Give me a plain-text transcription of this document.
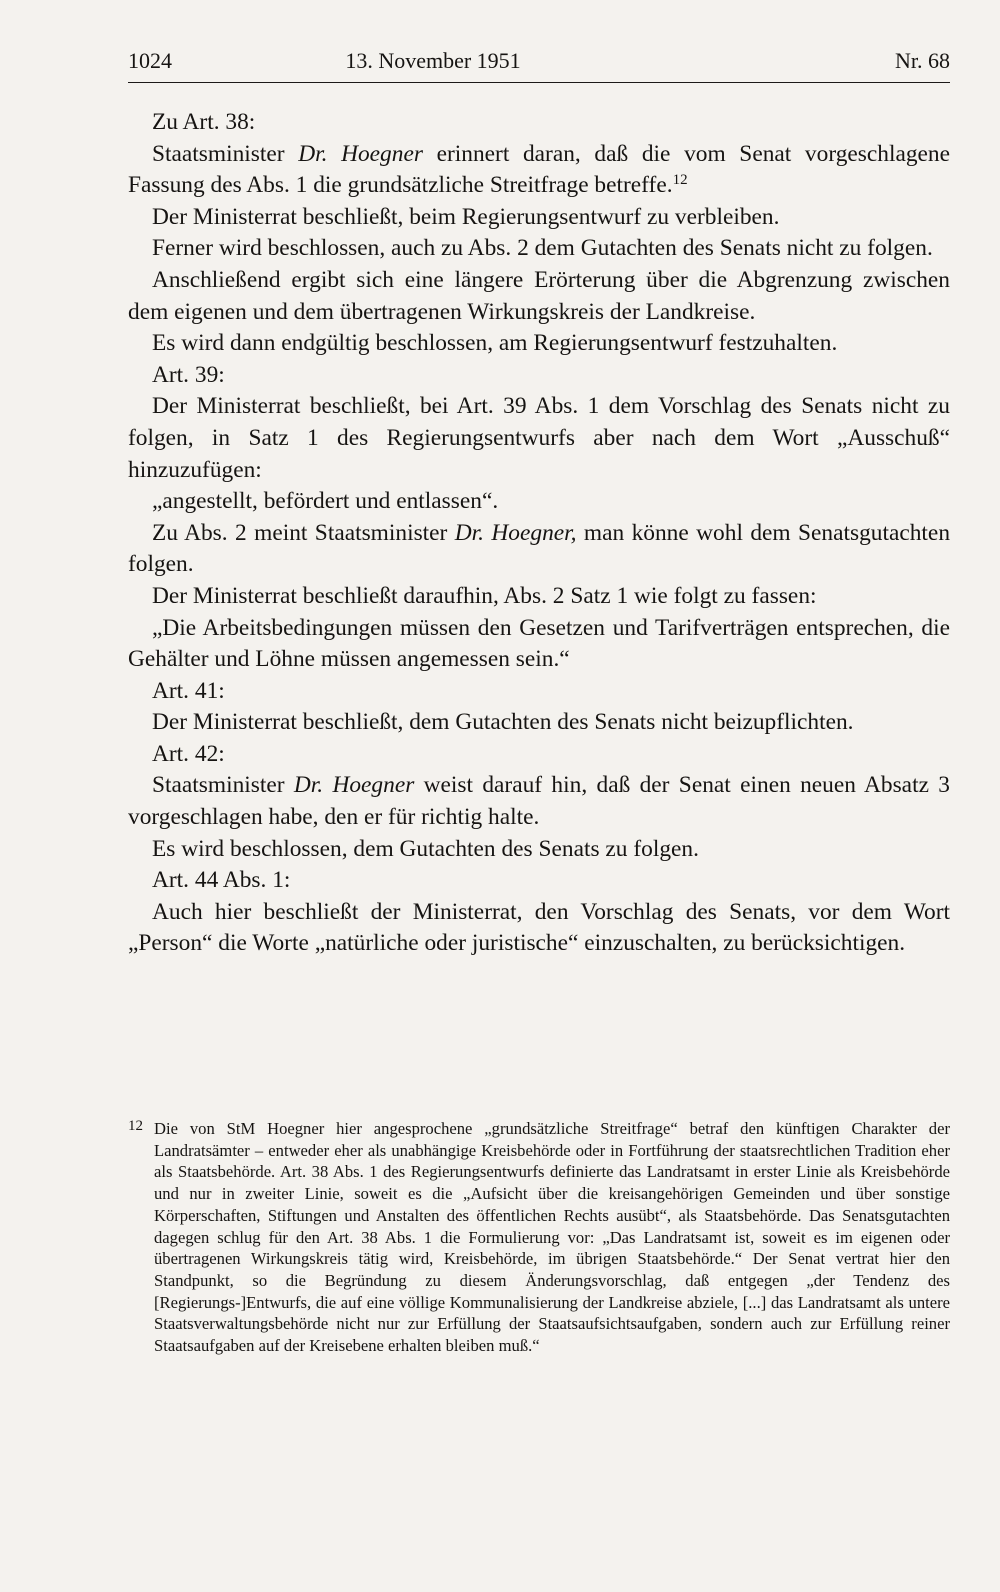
1024	13. November 1951	Nr. 68

Zu Art. 38:

Staatsminister Dr. Hoegner erinnert daran, daß die vom Senat vorgeschlagene Fassung des Abs. 1 die grundsätzliche Streitfrage betreffe.$^{12}$

Der Ministerrat beschließt, beim Regierungsentwurf zu verbleiben.

Ferner wird beschlossen, auch zu Abs. 2 dem Gutachten des Senats nicht zu folgen.

Anschließend ergibt sich eine längere Erörterung über die Abgrenzung zwischen dem eigenen und dem übertragenen Wirkungskreis der Landkreise.

Es wird dann endgültig beschlossen, am Regierungsentwurf festzuhalten.

Art. 39:

Der Ministerrat beschließt, bei Art. 39 Abs. 1 dem Vorschlag des Senats nicht zu folgen, in Satz 1 des Regierungsentwurfs aber nach dem Wort „Ausschuß“ hinzuzufügen:

„angestellt, befördert und entlassen“.

Zu Abs. 2 meint Staatsminister Dr. Hoegner, man könne wohl dem Senatsgutachten folgen.

Der Ministerrat beschließt daraufhin, Abs. 2 Satz 1 wie folgt zu fassen:

„Die Arbeitsbedingungen müssen den Gesetzen und Tarifverträgen entsprechen, die Gehälter und Löhne müssen angemessen sein.“

Art. 41:

Der Ministerrat beschließt, dem Gutachten des Senats nicht beizupflichten.

Art. 42:

Staatsminister Dr. Hoegner weist darauf hin, daß der Senat einen neuen Absatz 3 vorgeschlagen habe, den er für richtig halte.

Es wird beschlossen, dem Gutachten des Senats zu folgen.

Art. 44 Abs. 1:

Auch hier beschließt der Ministerrat, den Vorschlag des Senats, vor dem Wort „Person“ die Worte „natürliche oder juristische“ einzuschalten, zu berücksichtigen.

12 Die von StM Hoegner hier angesprochene „grundsätzliche Streitfrage“ betraf den künftigen Charakter der Landratsämter – entweder eher als unabhängige Kreisbehörde oder in Fortführung der staatsrechtlichen Tradition eher als Staatsbehörde. Art. 38 Abs. 1 des Regierungsentwurfs definierte das Landratsamt in erster Linie als Kreisbehörde und nur in zweiter Linie, soweit es die „Aufsicht über die kreisangehörigen Gemeinden und über sonstige Körperschaften, Stiftungen und Anstalten des öffentlichen Rechts ausübt“, als Staatsbehörde. Das Senatsgutachten dagegen schlug für den Art. 38 Abs. 1 die Formulierung vor: „Das Landratsamt ist, soweit es im eigenen oder übertragenen Wirkungskreis tätig wird, Kreisbehörde, im übrigen Staatsbehörde.“ Der Senat vertrat hier den Standpunkt, so die Begründung zu diesem Änderungsvorschlag, daß entgegen „der Tendenz des [Regierungs-]Entwurfs, die auf eine völlige Kommunalisierung der Landkreise abziele, [...] das Landratsamt als untere Staatsverwaltungsbehörde nicht nur zur Erfüllung der Staatsaufsichtsaufgaben, sondern auch zur Erfüllung reiner Staatsaufgaben auf der Kreisebene erhalten bleiben muß.“
